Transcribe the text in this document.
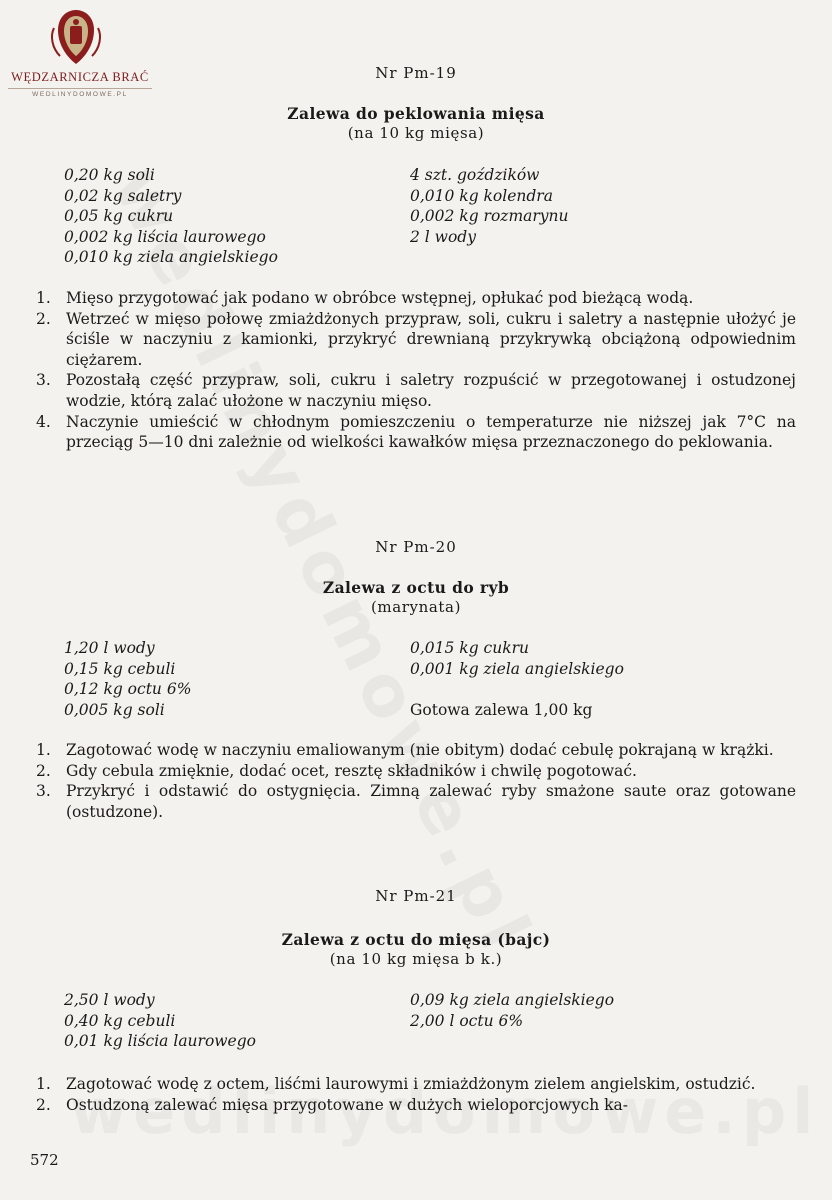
WĘDZARNICZA BRAĆ
WEDLINYDOMOWE.PL
Nr Pm-19
Zalewa do peklowania mięsa
(na 10 kg mięsa)
0,20 kg soli
0,02 kg saletry
0,05 kg cukru
0,002 kg liścia laurowego
0,010 kg ziela angielskiego
4 szt. goździków
0,010 kg kolendra
0,002 kg rozmarynu
2 l wody
1. Mięso przygotować jak podano w obróbce wstępnej, opłukać pod bieżącą wodą.
2. Wetrzeć w mięso połowę zmiażdżonych przypraw, soli, cukru i saletry a następnie ułożyć je ściśle w naczyniu z kamionki, przykryć drewnianą przykrywką obciążoną odpowiednim ciężarem.
3. Pozostałą część przypraw, soli, cukru i saletry rozpuścić w przegotowanej i ostudzonej wodzie, którą zalać ułożone w naczyniu mięso.
4. Naczynie umieścić w chłodnym pomieszczeniu o temperaturze nie niższej jak 7°C na przeciąg 5—10 dni zależnie od wielkości kawałków mięsa przeznaczonego do peklowania.
Nr Pm-20
Zalewa z octu do ryb
(marynata)
1,20 l wody
0,15 kg cebuli
0,12 kg octu 6%
0,005 kg soli
0,015 kg cukru
0,001 kg ziela angielskiego
Gotowa zalewa 1,00 kg
1. Zagotować wodę w naczyniu emaliowanym (nie obitym) dodać cebulę pokrajaną w krążki.
2. Gdy cebula zmięknie, dodać ocet, resztę składników i chwilę pogotować.
3. Przykryć i odstawić do ostygnięcia. Zimną zalewać ryby smażone saute oraz gotowane (ostudzone).
Nr Pm-21
Zalewa z octu do mięsa (bajc)
(na 10 kg mięsa b k.)
2,50 l wody
0,40 kg cebuli
0,01 kg liścia laurowego
0,09 kg ziela angielskiego
2,00 l octu 6%
1. Zagotować wodę z octem, liśćmi laurowymi i zmiażdżonym zielem angielskim, ostudzić.
2. Ostudzoną zalewać mięsa przygotowane w dużych wieloporcjowych ka-
572
